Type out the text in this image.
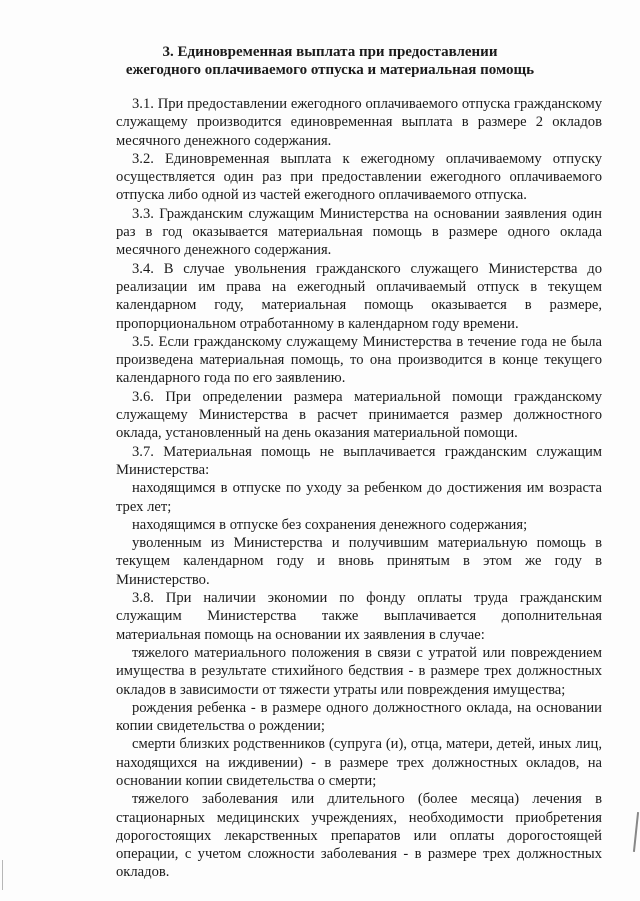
3. Единовременная выплата при предоставлении
ежегодного оплачиваемого отпуска и материальная помощь

3.1. При предоставлении ежегодного оплачиваемого отпуска гражданскому служащему производится единовременная выплата в размере 2 окладов месячного денежного содержания.

3.2. Единовременная выплата к ежегодному оплачиваемому отпуску осуществляется один раз при предоставлении ежегодного оплачиваемого отпуска либо одной из частей ежегодного оплачиваемого отпуска.

3.3. Гражданским служащим Министерства на основании заявления один раз в год оказывается материальная помощь в размере одного оклада месячного денежного содержания.

3.4. В случае увольнения гражданского служащего Министерства до реализации им права на ежегодный оплачиваемый отпуск в текущем календарном году, материальная помощь оказывается в размере, пропорциональном отработанному в календарном году времени.

3.5. Если гражданскому служащему Министерства в течение года не была произведена материальная помощь, то она производится в конце текущего календарного года по его заявлению.

3.6. При определении размера материальной помощи гражданскому служащему Министерства в расчет принимается размер должностного оклада, установленный на день оказания материальной помощи.

3.7. Материальная помощь не выплачивается гражданским служащим Министерства:

находящимся в отпуске по уходу за ребенком до достижения им возраста трех лет;

находящимся в отпуске без сохранения денежного содержания;

уволенным из Министерства и получившим материальную помощь в текущем календарном году и вновь принятым в этом же году в Министерство.

3.8. При наличии экономии по фонду оплаты труда гражданским служащим Министерства также выплачивается дополнительная материальная помощь на основании их заявления в случае:

тяжелого материального положения в связи с утратой или повреждением имущества в результате стихийного бедствия - в размере трех должностных окладов в зависимости от тяжести утраты или повреждения имущества;

рождения ребенка - в размере одного должностного оклада, на основании копии свидетельства о рождении;

смерти близких родственников (супруга (и), отца, матери, детей, иных лиц, находящихся на иждивении) - в размере трех должностных окладов, на основании копии свидетельства о смерти;

тяжелого заболевания или длительного (более месяца) лечения в стационарных медицинских учреждениях, необходимости приобретения дорогостоящих лекарственных препаратов или оплаты дорогостоящей операции, с учетом сложности заболевания - в размере трех должностных окладов.
